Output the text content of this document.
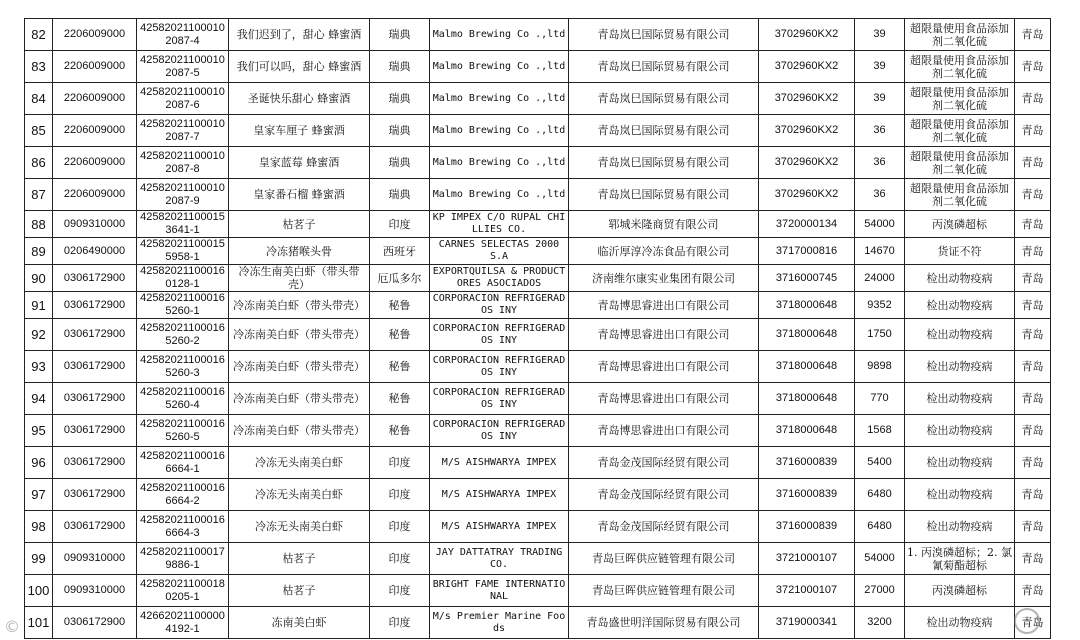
82	2206009000	425820211000102087-4	我们迟到了，甜心 蜂蜜酒	瑞典	Malmo Brewing Co .,ltd	青岛岚巳国际贸易有限公司	3702960KX2	39	超限量使用食品添加剂二氧化硫	青岛
83	2206009000	425820211000102087-5	我们可以吗，甜心 蜂蜜酒	瑞典	Malmo Brewing Co .,ltd	青岛岚巳国际贸易有限公司	3702960KX2	39	超限量使用食品添加剂二氧化硫	青岛
84	2206009000	425820211000102087-6	圣诞快乐甜心 蜂蜜酒	瑞典	Malmo Brewing Co .,ltd	青岛岚巳国际贸易有限公司	3702960KX2	39	超限量使用食品添加剂二氧化硫	青岛
85	2206009000	425820211000102087-7	皇家车厘子 蜂蜜酒	瑞典	Malmo Brewing Co .,ltd	青岛岚巳国际贸易有限公司	3702960KX2	36	超限量使用食品添加剂二氧化硫	青岛
86	2206009000	425820211000102087-8	皇家蓝莓 蜂蜜酒	瑞典	Malmo Brewing Co .,ltd	青岛岚巳国际贸易有限公司	3702960KX2	36	超限量使用食品添加剂二氧化硫	青岛
87	2206009000	425820211000102087-9	皇家番石榴 蜂蜜酒	瑞典	Malmo Brewing Co .,ltd	青岛岚巳国际贸易有限公司	3702960KX2	36	超限量使用食品添加剂二氧化硫	青岛
88	0909310000	425820211000153641-1	枯茗子	印度	KP IMPEX C/O RUPAL CHILLIES CO.	郓城米隆商贸有限公司	3720000134	54000	丙溴磷超标	青岛
89	0206490000	425820211000155958-1	冷冻猪喉头骨	西班牙	CARNES SELECTAS 2000 S.A	临沂厚淳冷冻食品有限公司	3717000816	14670	货证不符	青岛
90	0306172900	425820211000160128-1	冷冻生南美白虾（带头带壳）	厄瓜多尔	EXPORTQUILSA & PRODUCTORES ASOCIADOS	济南维尔康实业集团有限公司	3716000745	24000	检出动物疫病	青岛
91	0306172900	425820211000165260-1	冷冻南美白虾（带头带壳）	秘鲁	CORPORACION REFRIGERADOS INY	青岛博思睿进出口有限公司	3718000648	9352	检出动物疫病	青岛
92	0306172900	425820211000165260-2	冷冻南美白虾（带头带壳）	秘鲁	CORPORACION REFRIGERADOS INY	青岛博思睿进出口有限公司	3718000648	1750	检出动物疫病	青岛
93	0306172900	425820211000165260-3	冷冻南美白虾（带头带壳）	秘鲁	CORPORACION REFRIGERADOS INY	青岛博思睿进出口有限公司	3718000648	9898	检出动物疫病	青岛
94	0306172900	425820211000165260-4	冷冻南美白虾（带头带壳）	秘鲁	CORPORACION REFRIGERADOS INY	青岛博思睿进出口有限公司	3718000648	770	检出动物疫病	青岛
95	0306172900	425820211000165260-5	冷冻南美白虾（带头带壳）	秘鲁	CORPORACION REFRIGERADOS INY	青岛博思睿进出口有限公司	3718000648	1568	检出动物疫病	青岛
96	0306172900	425820211000166664-1	冷冻无头南美白虾	印度	M/S AISHWARYA IMPEX	青岛金茂国际经贸有限公司	3716000839	5400	检出动物疫病	青岛
97	0306172900	425820211000166664-2	冷冻无头南美白虾	印度	M/S AISHWARYA IMPEX	青岛金茂国际经贸有限公司	3716000839	6480	检出动物疫病	青岛
98	0306172900	425820211000166664-3	冷冻无头南美白虾	印度	M/S AISHWARYA IMPEX	青岛金茂国际经贸有限公司	3716000839	6480	检出动物疫病	青岛
99	0909310000	425820211000179886-1	枯茗子	印度	JAY DATTATRAY TRADING CO.	青岛巨晖供应链管理有限公司	3721000107	54000	1. 丙溴磷超标；2. 氯氰菊酯超标	青岛
100	0909310000	425820211000180205-1	枯茗子	印度	BRIGHT FAME INTERNATIONAL	青岛巨晖供应链管理有限公司	3721000107	27000	丙溴磷超标	青岛
101	0306172900	426620211000004192-1	冻南美白虾	印度	M/s Premier Marine Foods	青岛盛世明洋国际贸易有限公司	3719000341	3200	检出动物疫病	青岛
©
